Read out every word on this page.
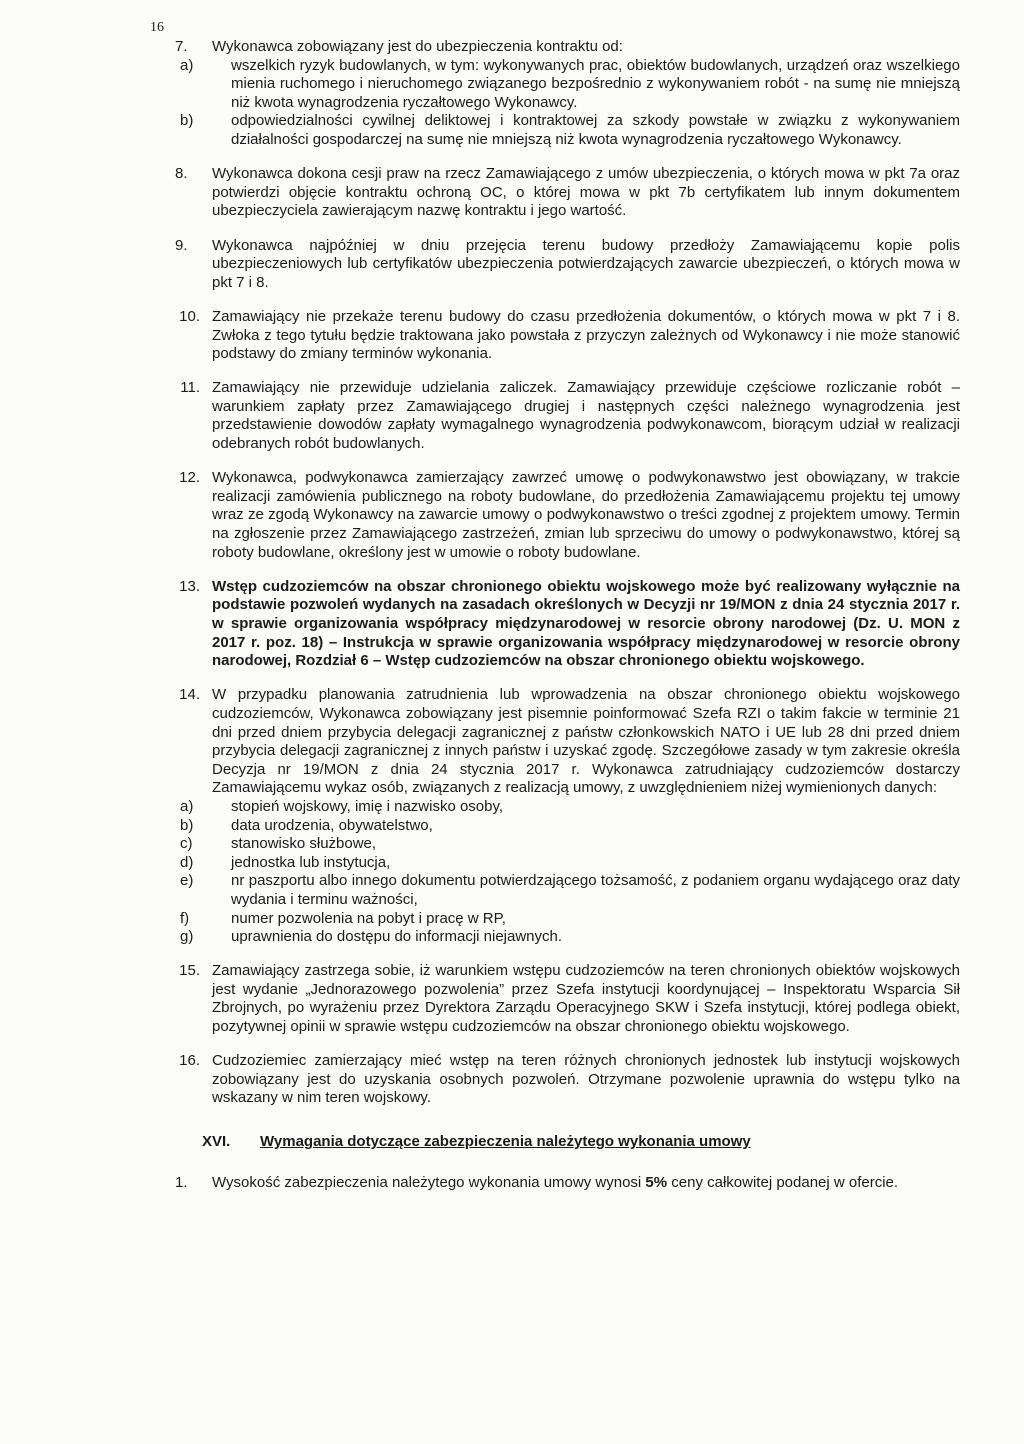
16
7.	Wykonawca zobowiązany jest do ubezpieczenia kontraktu od:
a)	wszelkich ryzyk budowlanych, w tym: wykonywanych prac, obiektów budowlanych, urządzeń oraz wszelkiego mienia ruchomego i nieruchomego związanego bezpośrednio z wykonywaniem robót - na sumę nie mniejszą niż kwota wynagrodzenia ryczałtowego Wykonawcy.
b)	odpowiedzialności cywilnej deliktowej i kontraktowej za szkody powstałe w związku z wykonywaniem działalności gospodarczej na sumę nie mniejszą niż kwota wynagrodzenia ryczałtowego Wykonawcy.
8.	Wykonawca dokona cesji praw na rzecz Zamawiającego z umów ubezpieczenia, o których mowa w pkt 7a oraz potwierdzi objęcie kontraktu ochroną OC, o której mowa w pkt 7b certyfikatem lub innym dokumentem ubezpieczyciela zawierającym nazwę kontraktu i jego wartość.
9.	Wykonawca najpóźniej w dniu przejęcia terenu budowy przedłoży Zamawiającemu kopie polis ubezpieczeniowych lub certyfikatów ubezpieczenia potwierdzających zawarcie ubezpieczeń, o których mowa w pkt 7 i 8.
10. Zamawiający nie przekaże terenu budowy do czasu przedłożenia dokumentów, o których mowa w pkt 7 i 8. Zwłoka z tego tytułu będzie traktowana jako powstała z przyczyn zależnych od Wykonawcy i nie może stanowić podstawy do zmiany terminów wykonania.
11. Zamawiający nie przewiduje udzielania zaliczek. Zamawiający przewiduje częściowe rozliczanie robót – warunkiem zapłaty przez Zamawiającego drugiej i następnych części należnego wynagrodzenia jest przedstawienie dowodów zapłaty wymagalnego wynagrodzenia podwykonawcom, biorącym udział w realizacji odebranych robót budowlanych.
12. Wykonawca, podwykonawca zamierzający zawrzeć umowę o podwykonawstwo jest obowiązany, w trakcie realizacji zamówienia publicznego na roboty budowlane, do przedłożenia Zamawiającemu projektu tej umowy wraz ze zgodą Wykonawcy na zawarcie umowy o podwykonawstwo o treści zgodnej z projektem umowy. Termin na zgłoszenie przez Zamawiającego zastrzeżeń, zmian lub sprzeciwu do umowy o podwykonawstwo, której są roboty budowlane, określony jest w umowie o roboty budowlane.
13. Wstęp cudzoziemców na obszar chronionego obiektu wojskowego może być realizowany wyłącznie na podstawie pozwoleń wydanych na zasadach określonych w Decyzji nr 19/MON z dnia 24 stycznia 2017 r. w sprawie organizowania współpracy międzynarodowej w resorcie obrony narodowej (Dz. U. MON z 2017 r. poz. 18) – Instrukcja w sprawie organizowania współpracy międzynarodowej w resorcie obrony narodowej, Rozdział 6 – Wstęp cudzoziemców na obszar chronionego obiektu wojskowego.
14. W przypadku planowania zatrudnienia lub wprowadzenia na obszar chronionego obiektu wojskowego cudzoziemców, Wykonawca zobowiązany jest pisemnie poinformować Szefa RZI o takim fakcie w terminie 21 dni przed dniem przybycia delegacji zagranicznej z państw członkowskich NATO i UE lub 28 dni przed dniem przybycia delegacji zagranicznej z innych państw i uzyskać zgodę. Szczegółowe zasady w tym zakresie określa Decyzja nr 19/MON z dnia 24 stycznia 2017 r. Wykonawca zatrudniający cudzoziemców dostarczy Zamawiającemu wykaz osób, związanych z realizacją umowy, z uwzględnieniem niżej wymienionych danych:
a)	stopień wojskowy, imię i nazwisko osoby,
b)	data urodzenia, obywatelstwo,
c)	stanowisko służbowe,
d)	jednostka lub instytucja,
e)	nr paszportu albo innego dokumentu potwierdzającego tożsamość, z podaniem organu wydającego oraz daty wydania i terminu ważności,
f)	numer pozwolenia na pobyt i pracę w RP,
g)	uprawnienia do dostępu do informacji niejawnych.
15. Zamawiający zastrzega sobie, iż warunkiem wstępu cudzoziemców na teren chronionych obiektów wojskowych jest wydanie „Jednorazowego pozwolenia” przez Szefa instytucji koordynującej – Inspektoratu Wsparcia Sił Zbrojnych, po wyrażeniu przez Dyrektora Zarządu Operacyjnego SKW i Szefa instytucji, której podlega obiekt, pozytywnej opinii w sprawie wstępu cudzoziemców na obszar chronionego obiektu wojskowego.
16. Cudzoziemiec zamierzający mieć wstęp na teren różnych chronionych jednostek lub instytucji wojskowych zobowiązany jest do uzyskania osobnych pozwoleń. Otrzymane pozwolenie uprawnia do wstępu tylko na wskazany w nim teren wojskowy.
XVI. Wymagania dotyczące zabezpieczenia należytego wykonania umowy
1.	Wysokość zabezpieczenia należytego wykonania umowy wynosi 5% ceny całkowitej podanej w ofercie.
